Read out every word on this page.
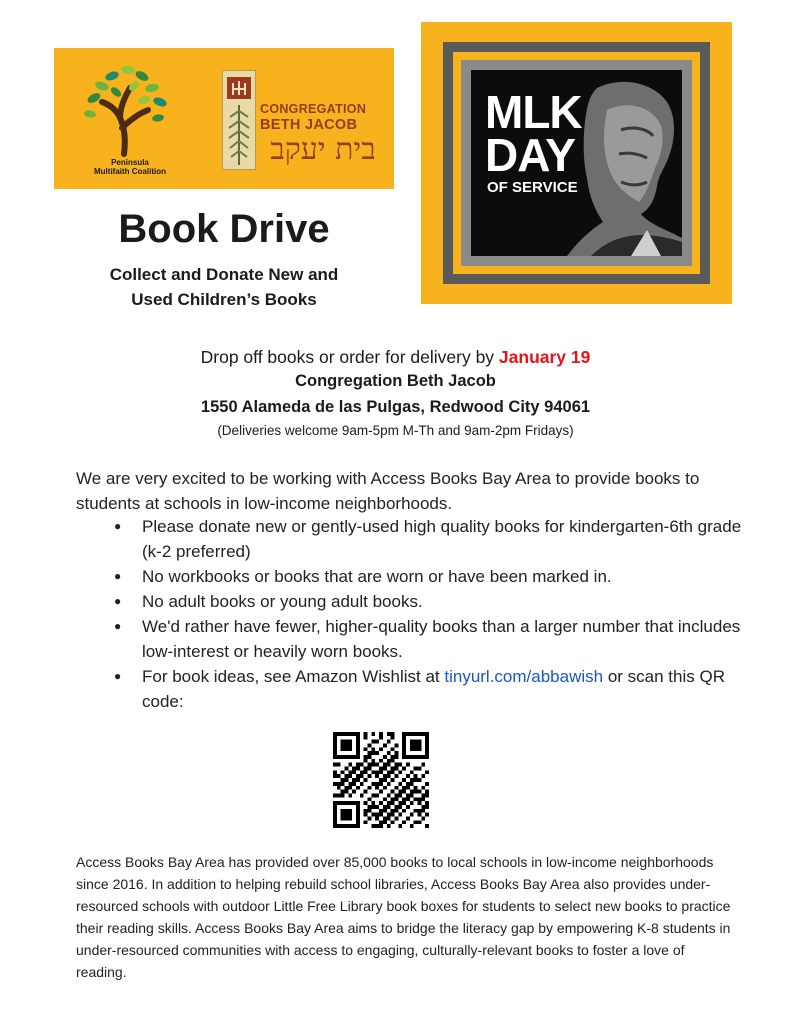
Peninsula
Multifaith Coalition
CONGREGATION
BETH JACOB
בית יעקב
MLK
DAY
OF SERVICE
Book Drive
Collect and Donate New and
Used Children’s Books
Drop off books or order for delivery by January 19
Congregation Beth Jacob
1550 Alameda de las Pulgas, Redwood City 94061
(Deliveries welcome 9am-5pm M-Th and 9am-2pm Fridays)
We are very excited to be working with Access Books Bay Area to provide books to students at schools in low-income neighborhoods.
● Please donate new or gently-used high quality books for kindergarten-6th grade (k-2 preferred)
● No workbooks or books that are worn or have been marked in.
● No adult books or young adult books.
● We'd rather have fewer, higher-quality books than a larger number that includes low-interest or heavily worn books.
● For book ideas, see Amazon Wishlist at tinyurl.com/abbawish or scan this QR code:
Access Books Bay Area has provided over 85,000 books to local schools in low-income neighborhoods since 2016. In addition to helping rebuild school libraries, Access Books Bay Area also provides under-resourced schools with outdoor Little Free Library book boxes for students to select new books to practice their reading skills. Access Books Bay Area aims to bridge the literacy gap by empowering K-8 students in under-resourced communities with access to engaging, culturally-relevant books to foster a love of reading.
